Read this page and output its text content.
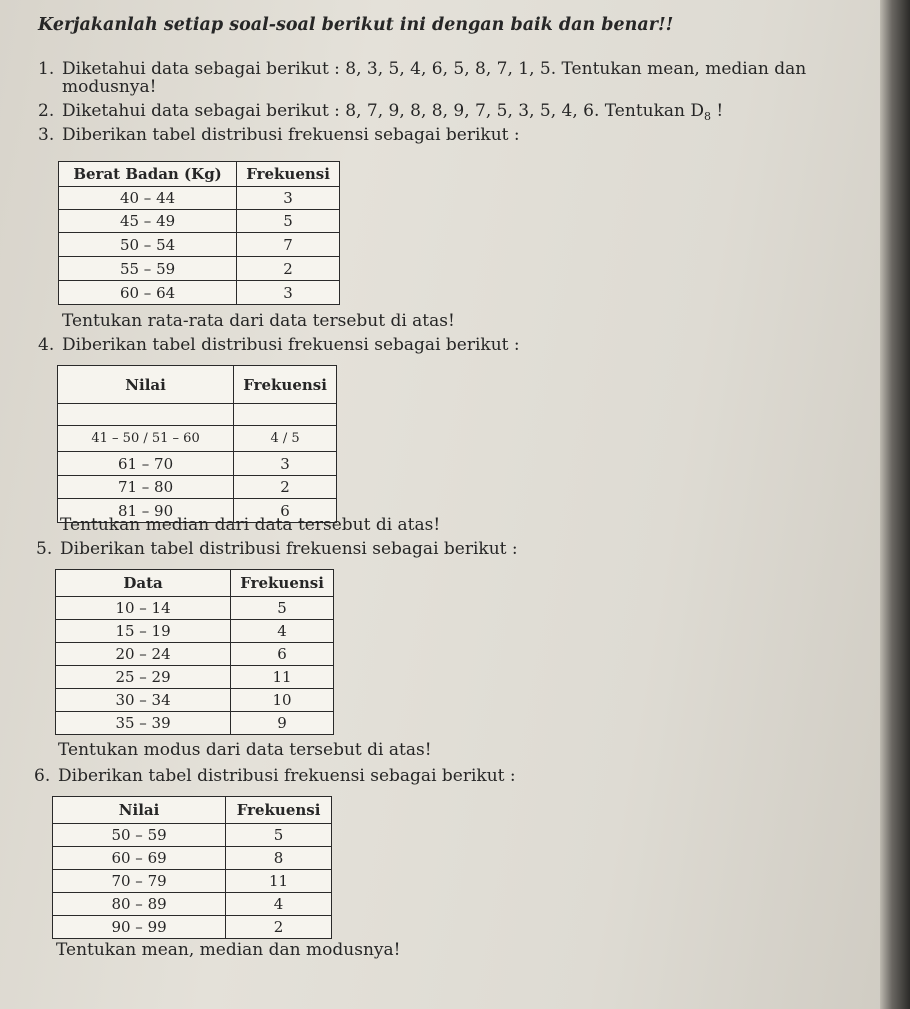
Kerjakanlah setiap soal-soal berikut ini dengan baik dan benar!!
1. Diketahui data sebagai berikut : 8, 3, 5, 4, 6, 5, 8, 7, 1, 5. Tentukan mean, median dan
modusnya!
2. Diketahui data sebagai berikut : 8, 7, 9, 8, 8, 9, 7, 5, 3, 5, 4, 6. Tentukan $D_8$ !
3. Diberikan tabel distribusi frekuensi sebagai berikut :
Berat Badan (Kg)	Frekuensi
40 – 44	3
45 – 49	5
50 – 54	7
55 – 59	2
60 – 64	3
Tentukan rata-rata dari data tersebut di atas!
4. Diberikan tabel distribusi frekuensi sebagai berikut :
Nilai	Frekuensi

41 – 50 / 51 – 60	4 / 5
61 – 70	3
71 – 80	2
81 – 90	6
Tentukan median dari data tersebut di atas!
5. Diberikan tabel distribusi frekuensi sebagai berikut :
Data	Frekuensi
10 – 14	5
15 – 19	4
20 – 24	6
25 – 29	11
30 – 34	10
35 – 39	9
Tentukan modus dari data tersebut di atas!
6. Diberikan tabel distribusi frekuensi sebagai berikut :
Nilai	Frekuensi
50 – 59	5
60 – 69	8
70 – 79	11
80 – 89	4
90 – 99	2
Tentukan mean, median dan modusnya!
